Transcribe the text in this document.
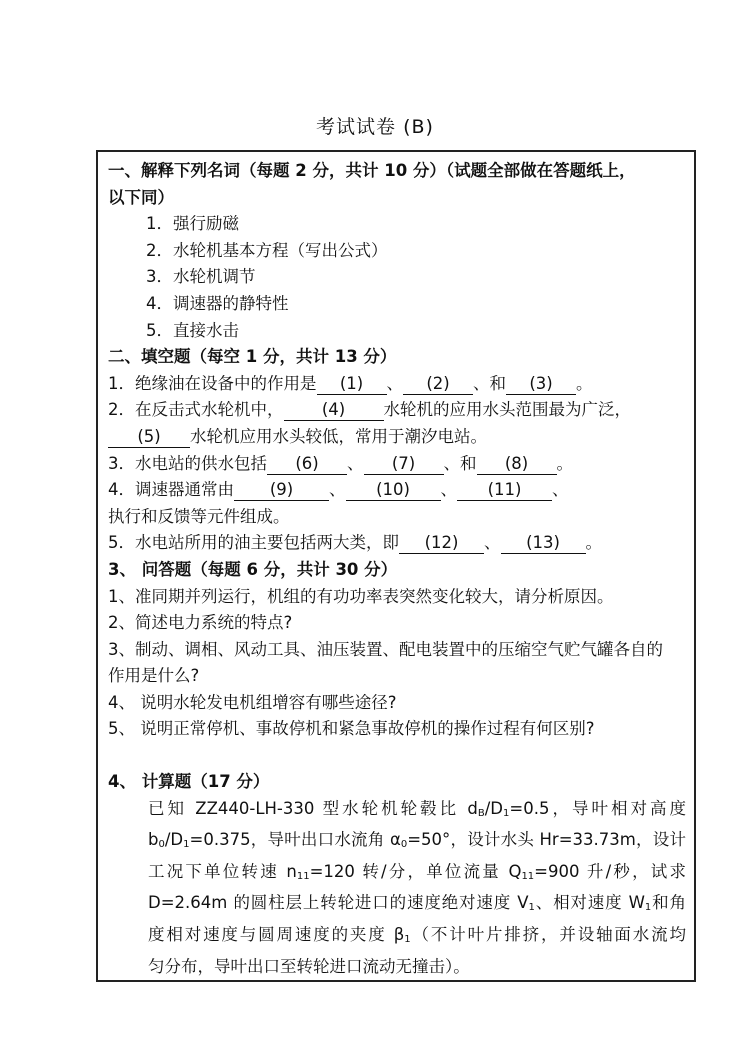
考试试卷 (B)
一、解释下列名词（每题 2 分，共计 10 分）（试题全部做在答题纸上，
以下同）
1．强行励磁
2．水轮机基本方程（写出公式）
3．水轮机调节
4．调速器的静特性
5．直接水击
二、填空题（每空 1 分，共计 13 分）
1．绝缘油在设备中的作用是 (1) 、 (2) 、和 (3) 。
2．在反击式水轮机中， (4) 水轮机的应用水头范围最为广泛，
(5) 水轮机应用水头较低，常用于潮汐电站。
3．水电站的供水包括 (6) 、 (7) 、和 (8) 。
4．调速器通常由 (9) 、 (10) 、 (11) 、
执行和反馈等元件组成。
5．水电站所用的油主要包括两大类，即 (12) 、 (13) 。
3、 问答题（每题 6 分，共计 30 分）
1、准同期并列运行，机组的有功功率表突然变化较大，请分析原因。
2、简述电力系统的特点?
3、制动、调相、风动工具、油压装置、配电装置中的压缩空气贮气罐各自的
作用是什么?
4、 说明水轮发电机组增容有哪些途径?
5、 说明正常停机、事故停机和紧急事故停机的操作过程有何区别?
4、 计算题（17 分）
已知 ZZ440-LH-330 型水轮机轮毂比 $d_B/D_1=0.5$，导叶相对高度
$b_0/D_1=0.375$，导叶出口水流角 $\alpha_0=50^\circ$，设计水头 Hr=33.73m，设计
工况下单位转速 $n_{11}=120$ 转/分，单位流量 $Q_{11}=900$ 升/秒，试求
D=2.64m 的圆柱层上转轮进口的速度绝对速度 $V_1$、相对速度 $W_1$和角
度相对速度与圆周速度的夹度 $\beta_1$（不计叶片排挤，并设轴面水流均
匀分布，导叶出口至转轮进口流动无撞击）。
